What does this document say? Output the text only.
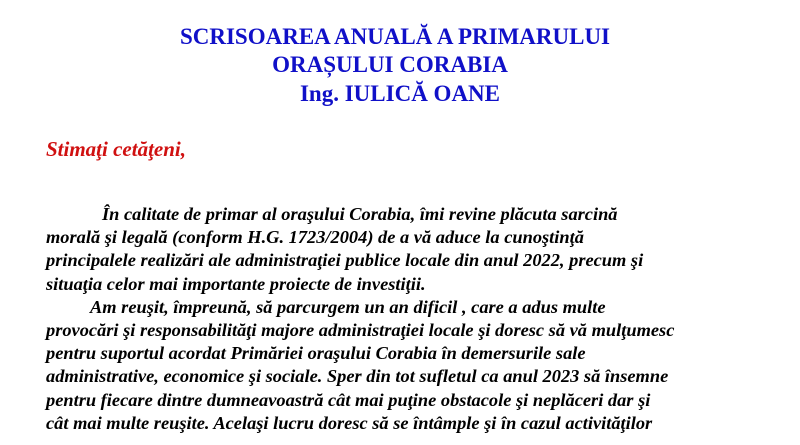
SCRISOAREA ANUALĂ A PRIMARULUI
ORAȘULUI CORABIA
Ing. IULICĂ OANE

Stimaţi cetăţeni,

În calitate de primar al oraşului Corabia, îmi revine plăcuta sarcină
morală şi legală (conform H.G. 1723/2004) de a vă aduce la cunoştinţă
principalele realizări ale administraţiei publice locale din anul 2022, precum şi
situaţia celor mai importante proiecte de investiţii.
Am reuşit, împreună, să parcurgem un an dificil , care a adus multe
provocări şi responsabilităţi majore administraţiei locale şi doresc să vă mulţumesc
pentru suportul acordat Primăriei oraşului Corabia în demersurile sale
administrative, economice şi sociale. Sper din tot sufletul ca anul 2023 să însemne
pentru fiecare dintre dumneavoastră cât mai puţine obstacole şi neplăceri dar şi
cât mai multe reuşite. Acelaşi lucru doresc să se întâmple şi în cazul activităţilor
